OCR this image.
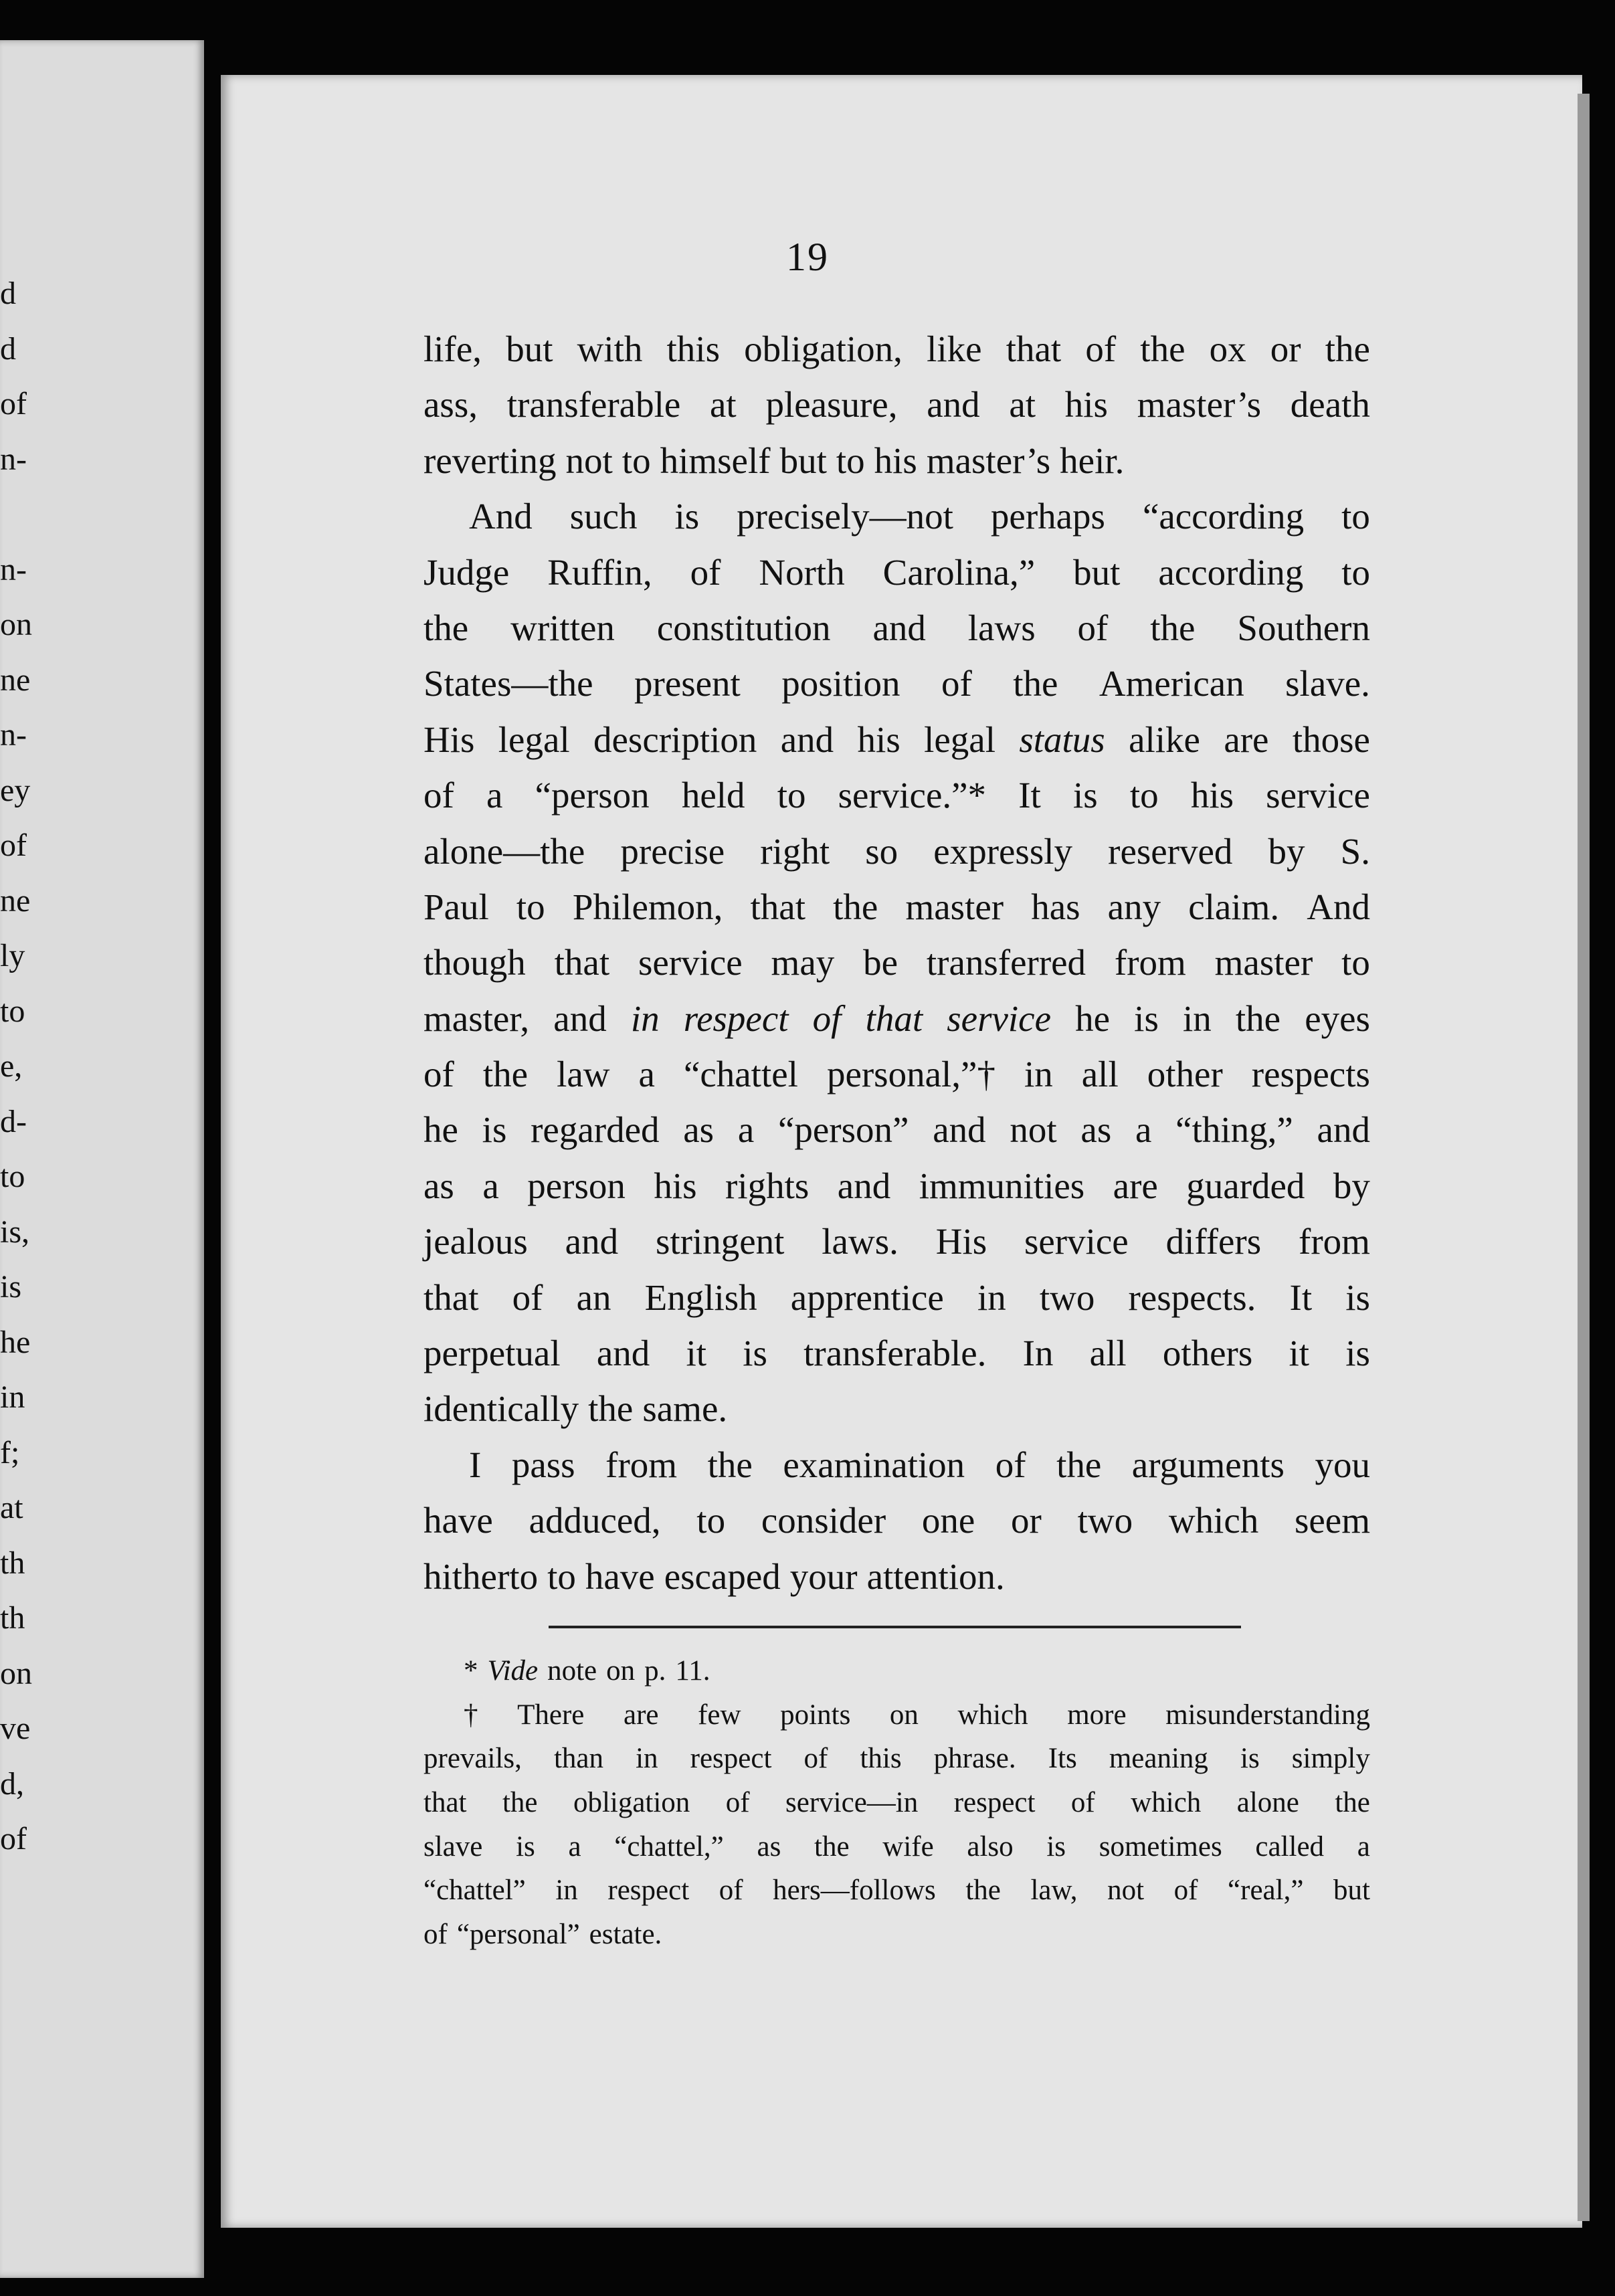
d
d
of
n-
n-
on
ne
n-
ey
of
ne
ly
to
e,
d-
to
is,
is
he
in
f;
at
th
th
on
ve
d,
of
19
life, but with this obligation, like that of the ox or the
ass, transferable at pleasure, and at his master’s death
reverting not to himself but to his master’s heir.
And such is precisely—not perhaps “according to
Judge Ruffin, of North Carolina,” but according to
the written constitution and laws of the Southern
States—the present position of the American slave.
His legal description and his legal status alike are those
of a “person held to service.”* It is to his service
alone—the precise right so expressly reserved by S.
Paul to Philemon, that the master has any claim. And
though that service may be transferred from master to
master, and in respect of that service he is in the eyes
of the law a “chattel personal,”† in all other respects
he is regarded as a “person” and not as a “thing,” and
as a person his rights and immunities are guarded by
jealous and stringent laws. His service differs from
that of an English apprentice in two respects. It is
perpetual and it is transferable. In all others it is
identically the same.
I pass from the examination of the arguments you
have adduced, to consider one or two which seem
hitherto to have escaped your attention.
* Vide note on p. 11.
† There are few points on which more misunderstanding
prevails, than in respect of this phrase. Its meaning is simply
that the obligation of service—in respect of which alone the
slave is a “chattel,” as the wife also is sometimes called a
“chattel” in respect of hers—follows the law, not of “real,” but
of “personal” estate.
